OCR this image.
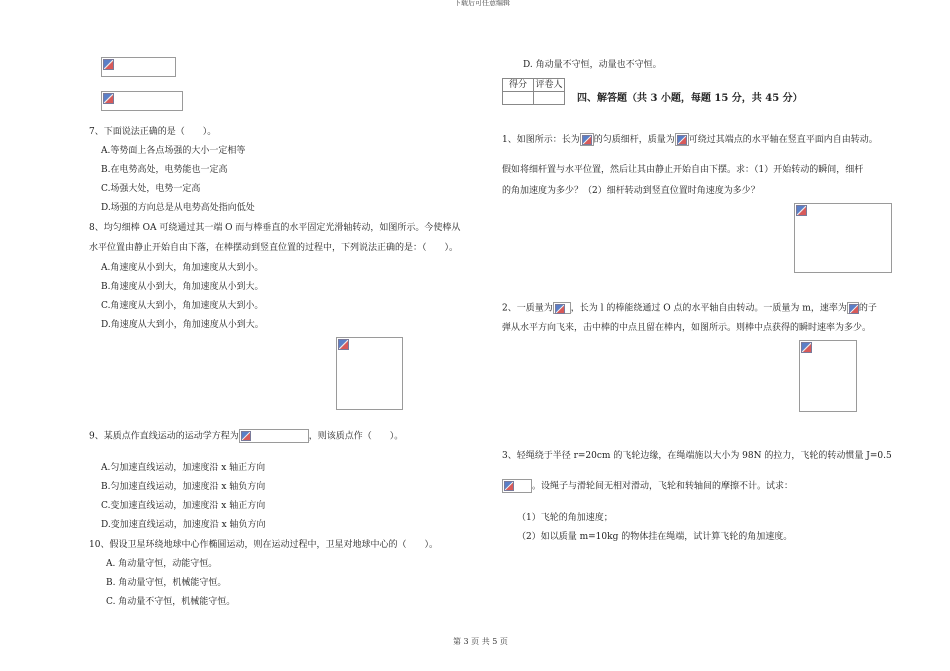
下载后可任意编辑
第 3 页 共 5 页
7、下面说法正确的是（　　）。
A.等势面上各点场强的大小一定相等
B.在电势高处，电势能也一定高
C.场强大处，电势一定高
D.场强的方向总是从电势高处指向低处
8、均匀细棒 OA 可绕通过其一端 O 而与棒垂直的水平固定光滑轴转动，如图所示。今使棒从
水平位置由静止开始自由下落，在棒摆动到竖直位置的过程中，下列说法正确的是：（　　）。
A.角速度从小到大，角加速度从大到小。
B.角速度从小到大，角加速度从小到大。
C.角速度从大到小，角加速度从大到小。
D.角速度从大到小，角加速度从小到大。
9、某质点作直线运动的运动学方程为	，则该质点作（　　）。
A.匀加速直线运动，加速度沿 x 轴正方向
B.匀加速直线运动，加速度沿 x 轴负方向
C.变加速直线运动，加速度沿 x 轴正方向
D.变加速直线运动，加速度沿 x 轴负方向
10、假设卫星环绕地球中心作椭圆运动，则在运动过程中，卫星对地球中心的（　　）。
A. 角动量守恒，动能守恒。
B. 角动量守恒，机械能守恒。
C. 角动量不守恒，机械能守恒。
D. 角动量不守恒，动量也不守恒。
得分	评卷人

四、解答题（共 3 小题，每题 15 分，共 45 分）
1、如图所示：长为 的匀质细杆，质量为 可绕过其端点的水平轴在竖直平面内自由转动。
假如将细杆置与水平位置，然后让其由静止开始自由下摆。求：（1）开始转动的瞬间，细杆
的角加速度为多少？（2）细杆转动到竖直位置时角速度为多少？
2、一质量为 ，长为 l 的棒能绕通过 O 点的水平轴自由转动。一质量为 m，速率为 的子
弹从水平方向飞来，击中棒的中点且留在棒内，如图所示。则棒中点获得的瞬时速率为多少。
3、轻绳绕于半径 r=20cm 的飞轮边缘，在绳端施以大小为 98N 的拉力，飞轮的转动惯量 J=0.5
。设绳子与滑轮间无相对滑动，飞轮和转轴间的摩擦不计。试求：
（1）飞轮的角加速度；
（2）如以质量 m=10kg 的物体挂在绳端，试计算飞轮的角加速度。
